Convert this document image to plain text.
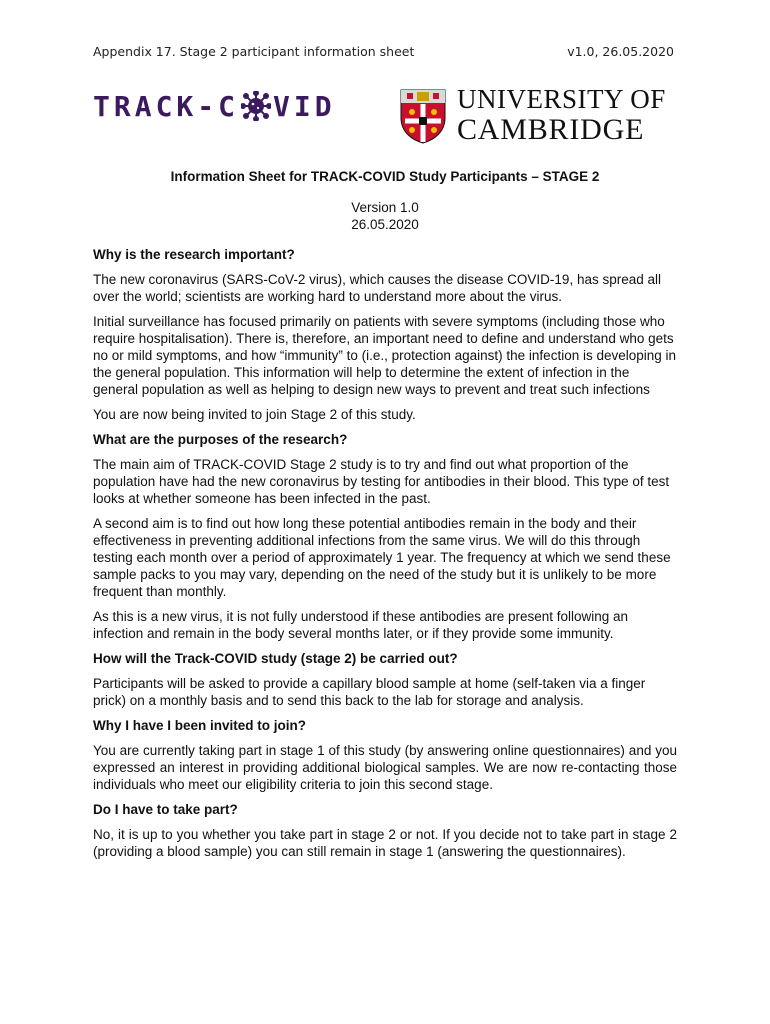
Appendix 17. Stage 2 participant information sheet	v1.0, 26.05.2020
TRACK-C VID	UNIVERSITY OF
CAMBRIDGE
Information Sheet for TRACK-COVID Study Participants – STAGE 2
Version 1.0
26.05.2020
Why is the research important?

The new coronavirus (SARS-CoV-2 virus), which causes the disease COVID-19, has spread all over the world; scientists are working hard to understand more about the virus.

Initial surveillance has focused primarily on patients with severe symptoms (including those who require hospitalisation). There is, therefore, an important need to define and understand who gets no or mild symptoms, and how “immunity” to (i.e., protection against) the infection is developing in the general population. This information will help to determine the extent of infection in the general population as well as helping to design new ways to prevent and treat such infections

You are now being invited to join Stage 2 of this study.

What are the purposes of the research?

The main aim of TRACK-COVID Stage 2 study is to try and find out what proportion of the population have had the new coronavirus by testing for antibodies in their blood. This type of test looks at whether someone has been infected in the past.

A second aim is to find out how long these potential antibodies remain in the body and their effectiveness in preventing additional infections from the same virus. We will do this through testing each month over a period of approximately 1 year. The frequency at which we send these sample packs to you may vary, depending on the need of the study but it is unlikely to be more frequent than monthly.

As this is a new virus, it is not fully understood if these antibodies are present following an infection and remain in the body several months later, or if they provide some immunity.

How will the Track-COVID study (stage 2) be carried out?

Participants will be asked to provide a capillary blood sample at home (self-taken via a finger prick) on a monthly basis and to send this back to the lab for storage and analysis.

Why I have I been invited to join?

You are currently taking part in stage 1 of this study (by answering online questionnaires) and you expressed an interest in providing additional biological samples. We are now re-contacting those individuals who meet our eligibility criteria to join this second stage.

Do I have to take part?

No, it is up to you whether you take part in stage 2 or not. If you decide not to take part in stage 2 (providing a blood sample) you can still remain in stage 1 (answering the questionnaires).
